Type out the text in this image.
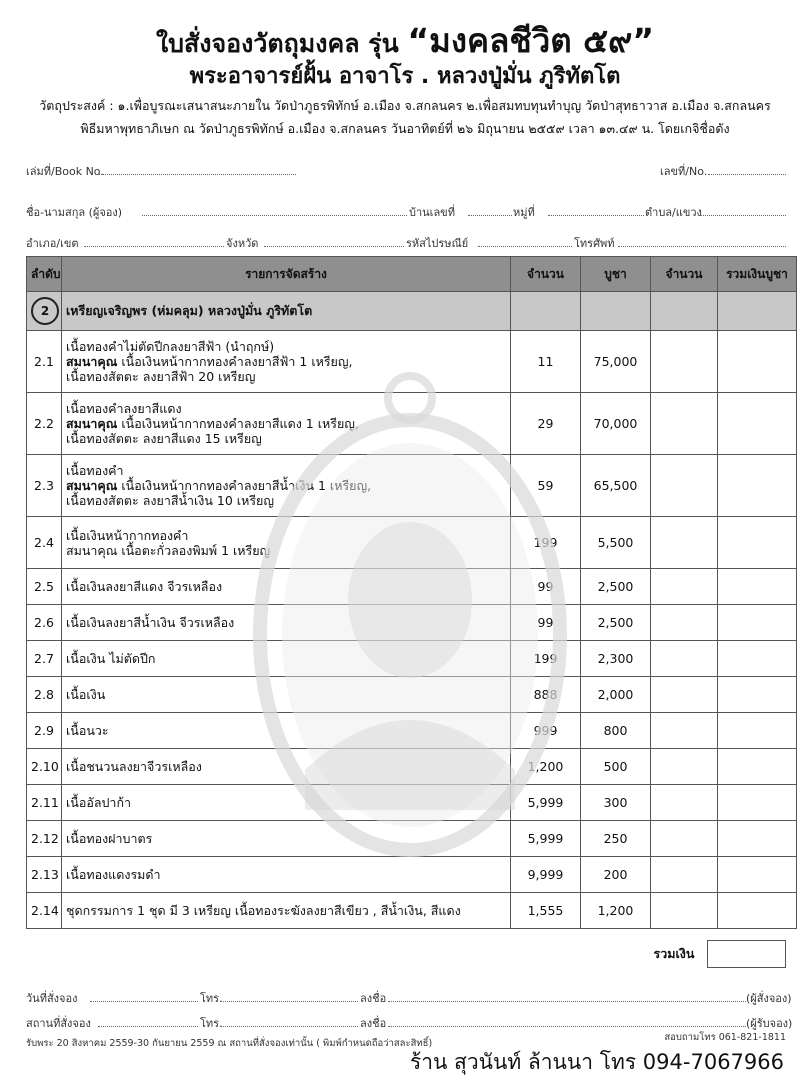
ใบสั่งจองวัตถุมงคล รุ่น “มงคลชีวิต ๕๙”
พระอาจารย์ฝั้น อาจาโร . หลวงปู่มั่น ภูริทัตโต
วัตถุประสงค์ : ๑.เพื่อบูรณะเสนาสนะภายใน วัดป่าภูธรพิทักษ์ อ.เมือง จ.สกลนคร ๒.เพื่อสมทบทุนทำบุญ วัดป่าสุทธาวาส อ.เมือง จ.สกลนคร
พิธีมหาพุทธาภิเษก ณ วัดป่าภูธรพิทักษ์ อ.เมือง จ.สกลนคร วันอาทิตย์ที่ ๒๖ มิถุนายน ๒๕๕๙ เวลา ๑๓.๔๙ น. โดยเกจิชื่อดัง
เล่มที่/Book No.	เลขที่/No.
ชื่อ-นามสกุล (ผู้จอง)	บ้านเลขที่	หมู่ที่	ตำบล/แขวง
อำเภอ/เขต	จังหวัด	รหัสไปรษณีย์	โทรศัพท์
ลำดับ	รายการจัดสร้าง	จำนวน	บูชา	จำนวน	รวมเงินบูชา
2	เหรียญเจริญพร (ห่มคลุม) หลวงปู่มั่น ภูริทัตโต				
2.1	เนื้อทองคำไม่ตัดปีกลงยาสีฟ้า (นำฤกษ์)
สมนาคุณ เนื้อเงินหน้ากากทองคำลงยาสีฟ้า 1 เหรียญ,
เนื้อทองสัตตะ ลงยาสีฟ้า 20 เหรียญ	11	75,000		
2.2	เนื้อทองคำลงยาสีแดง
สมนาคุณ เนื้อเงินหน้ากากทองคำลงยาสีแดง 1 เหรียญ,
เนื้อทองสัตตะ ลงยาสีแดง 15 เหรียญ	29	70,000		
2.3	เนื้อทองคำ
สมนาคุณ เนื้อเงินหน้ากากทองคำลงยาสีน้ำเงิน 1 เหรียญ,
เนื้อทองสัตตะ ลงยาสีน้ำเงิน 10 เหรียญ	59	65,500		
2.4	เนื้อเงินหน้ากากทองคำ
สมนาคุณ เนื้อตะกั่วลองพิมพ์ 1 เหรียญ	199	5,500		
2.5	เนื้อเงินลงยาสีแดง จีวรเหลือง	99	2,500		
2.6	เนื้อเงินลงยาสีน้ำเงิน จีวรเหลือง	99	2,500		
2.7	เนื้อเงิน ไม่ตัดปีก	199	2,300		
2.8	เนื้อเงิน	888	2,000		
2.9	เนื้อนวะ	999	800		
2.10	เนื้อชนวนลงยาจีวรเหลือง	1,200	500		
2.11	เนื้ออัลปาก้า	5,999	300		
2.12	เนื้อทองฝาบาตร	5,999	250		
2.13	เนื้อทองแดงรมดำ	9,999	200		
2.14	ชุดกรรมการ 1 ชุด มี 3 เหรียญ เนื้อทองระฆังลงยาสีเขียว , สีน้ำเงิน, สีแดง	1,555	1,200		
รวมเงิน
วันที่สั่งจอง	โทร.	ลงชื่อ	(ผู้สั่งจอง)
สถานที่สั่งจอง	โทร.	ลงชื่อ	(ผู้รับจอง)
รับพระ 20 สิงหาคม 2559-30 กันยายน 2559 ณ สถานที่สั่งจองเท่านั้น ( พิมพ์กำหนดถือว่าสละสิทธิ์)
สอบถามโทร 061-821-1811
ร้าน สุวนันท์ ล้านนา โทร 094-7067966
